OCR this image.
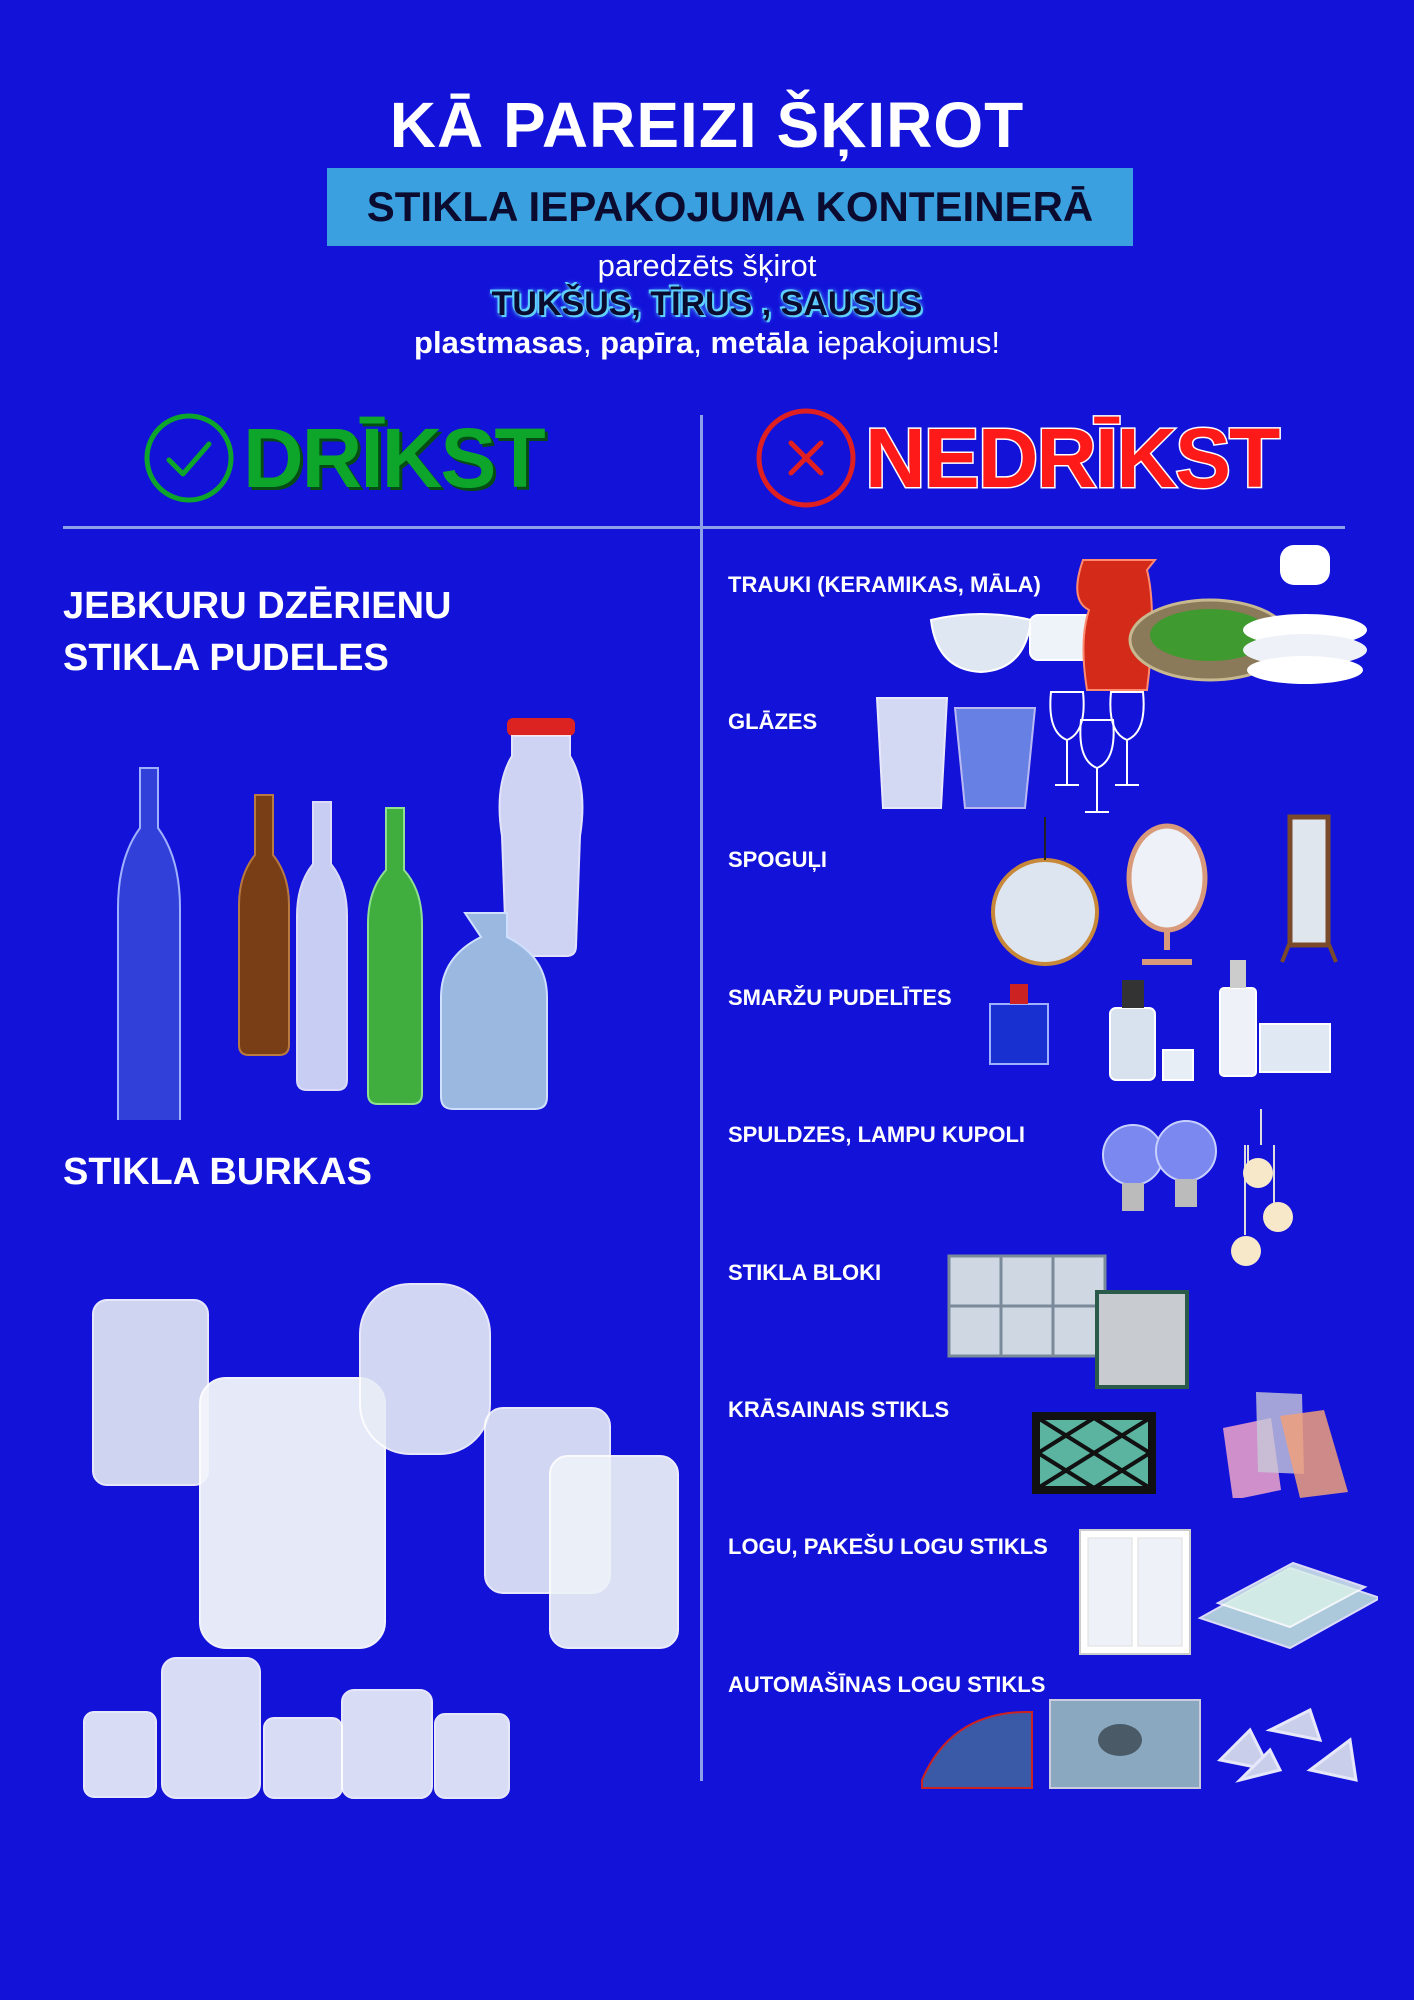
KĀ PAREIZI ŠĶIROT
STIKLA IEPAKOJUMA KONTEINERĀ
paredzēts šķirot
TUKŠUS, TĪRUS , SAUSUS
plastmasas, papīra, metāla iepakojumus!
DRĪKST	NEDRĪKST
JEBKURU DZĒRIENU
STIKLA PUDELES
STIKLA BURKAS
TRAUKI (KERAMIKAS, MĀLA)
GLĀZES
SPOGUĻI
SMARŽU PUDELĪTES
SPULDZES, LAMPU KUPOLI
STIKLA BLOKI
KRĀSAINAIS STIKLS
LOGU, PAKEŠU LOGU STIKLS
AUTOMAŠĪNAS LOGU STIKLS
